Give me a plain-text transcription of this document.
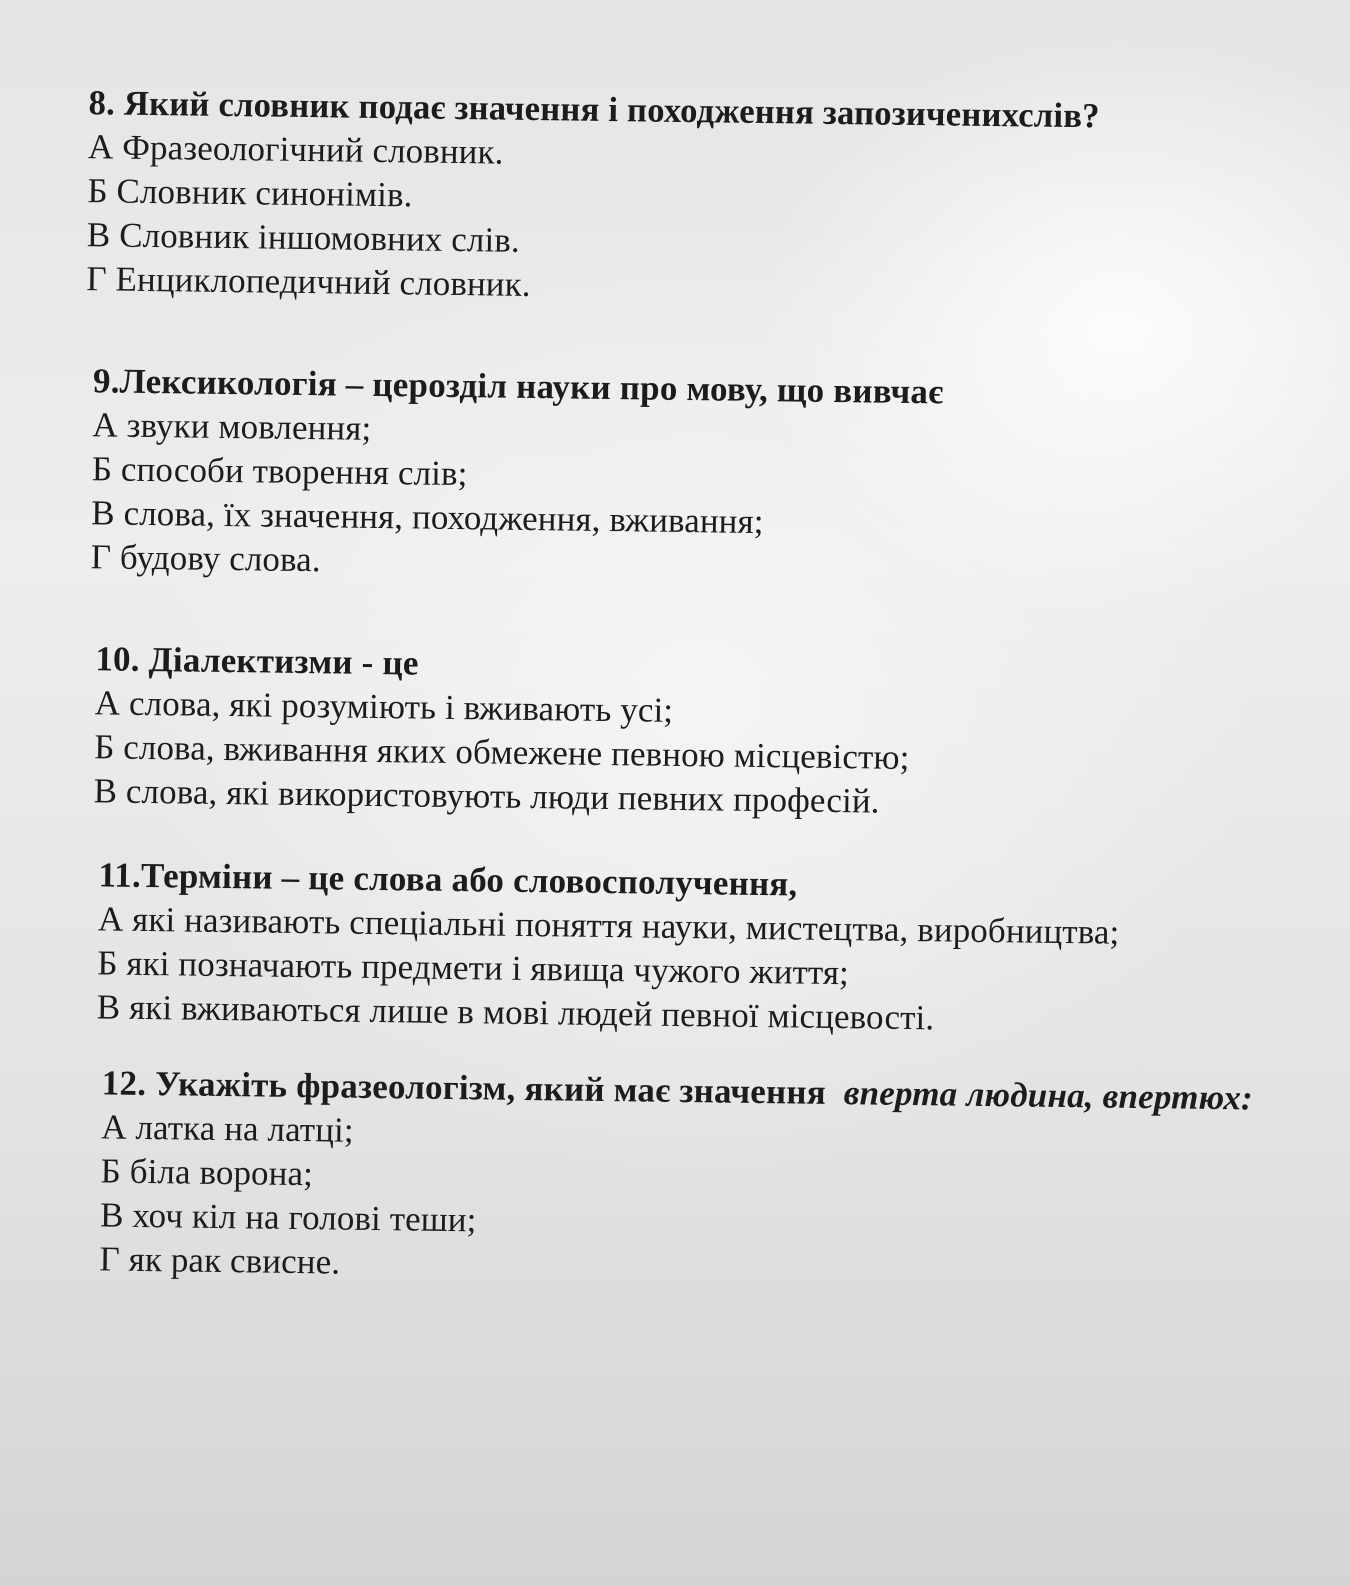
8. Який словник подає значення і походження запозиченихслів?
А Фразеологічний словник.
Б Словник синонімів.
В Словник іншомовних слів.
Г Енциклопедичний словник.
9.Лексикологія – церозділ науки про мову, що вивчає
А звуки мовлення;
Б способи творення слів;
В слова, їх значення, походження, вживання;
Г будову слова.
10. Діалектизми - це
А слова, які розуміють і вживають усі;
Б слова, вживання яких обмежене певною місцевістю;
В слова, які використовують люди певних професій.
11.Терміни – це слова або словосполучення,
А які називають спеціальні поняття науки, мистецтва, виробництва;
Б які позначають предмети і явища чужого життя;
В які вживаються лише в мові людей певної місцевості.
12. Укажіть фразеологізм, який має значення вперта людина, впертюх:
А латка на латці;
Б біла ворона;
В хоч кіл на голові теши;
Г як рак свисне.
